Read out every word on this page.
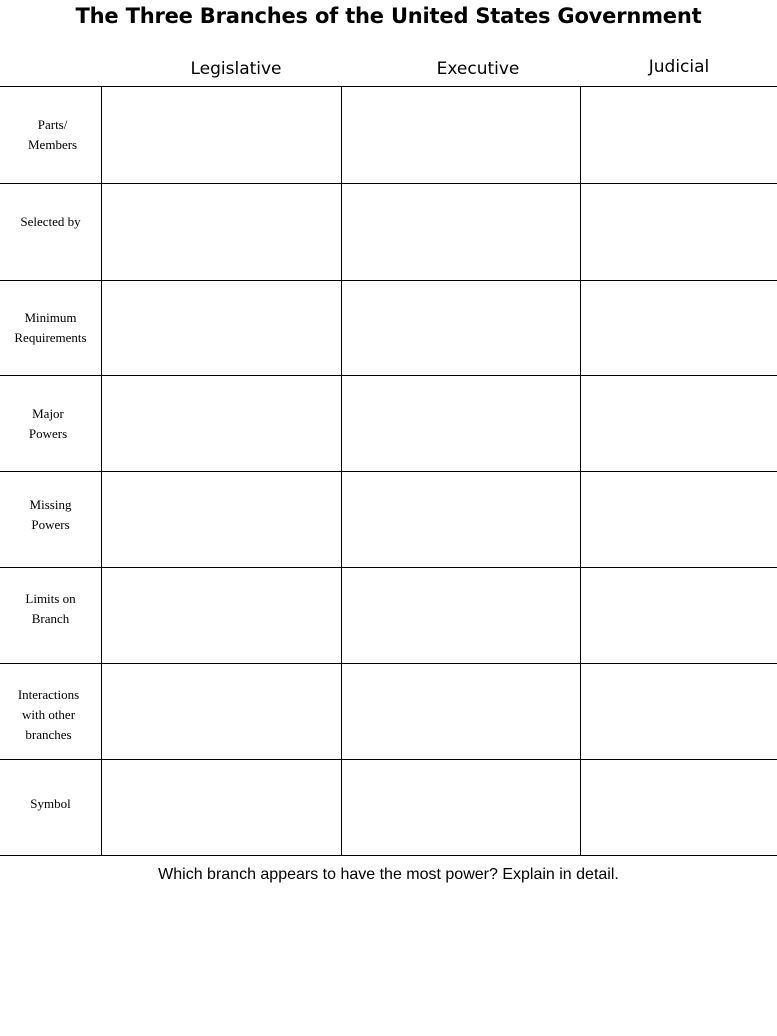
The Three Branches of the United States Government
Legislative	Executive	Judicial
Parts/
Members
Selected by
Minimum
Requirements
Major
Powers
Missing
Powers
Limits on
Branch
Interactions
with other
branches
Symbol
Which branch appears to have the most power? Explain in detail.
